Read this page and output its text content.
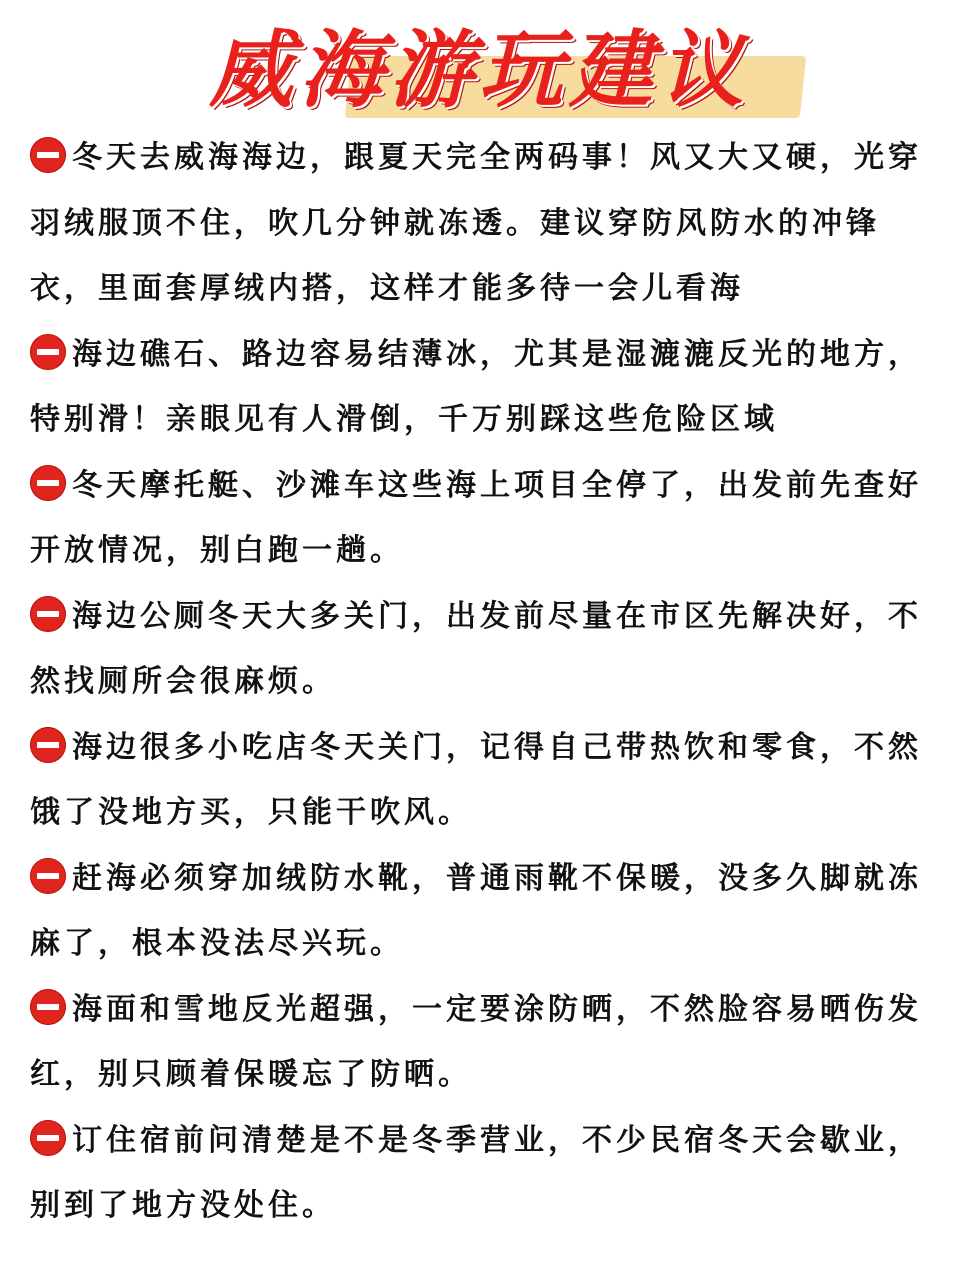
威海游玩建议
冬天去威海海边，跟夏天完全两码事！风又大又硬，光穿羽绒服顶不住，吹几分钟就冻透。建议穿防风防水的冲锋衣，里面套厚绒内搭，这样才能多待一会儿看海
海边礁石、路边容易结薄冰，尤其是湿漉漉反光的地方，特别滑！亲眼见有人滑倒，千万别踩这些危险区域
冬天摩托艇、沙滩车这些海上项目全停了，出发前先查好开放情况，别白跑一趟。
海边公厕冬天大多关门，出发前尽量在市区先解决好，不然找厕所会很麻烦。
海边很多小吃店冬天关门，记得自己带热饮和零食，不然饿了没地方买，只能干吹风。
赶海必须穿加绒防水靴，普通雨靴不保暖，没多久脚就冻麻了，根本没法尽兴玩。
海面和雪地反光超强，一定要涂防晒，不然脸容易晒伤发红，别只顾着保暖忘了防晒。
订住宿前问清楚是不是冬季营业，不少民宿冬天会歇业，别到了地方没处住。
